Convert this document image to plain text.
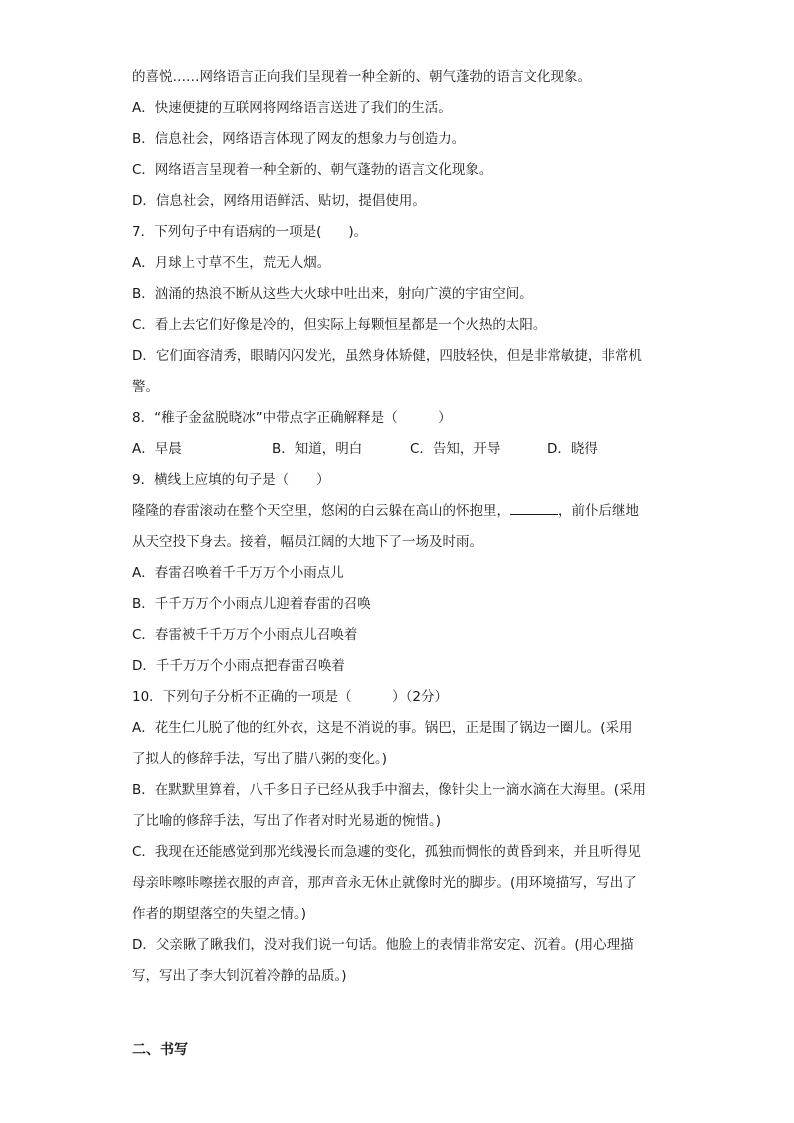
的喜悦……网络语言正向我们呈现着一种全新的、朝气蓬勃的语言文化现象。
A．快速便捷的互联网将网络语言送进了我们的生活。
B．信息社会，网络语言体现了网友的想象力与创造力。
C．网络语言呈现着一种全新的、朝气蓬勃的语言文化现象。
D．信息社会，网络用语鲜活、贴切，提倡使用。
7．下列句子中有语病的一项是(　　)。
A．月球上寸草不生，荒无人烟。
B．汹涌的热浪不断从这些大火球中吐出来，射向广漠的宇宙空间。
C．看上去它们好像是冷的，但实际上每颗恒星都是一个火热的太阳。
D．它们面容清秀，眼睛闪闪发光，虽然身体矫健，四肢轻快，但是非常敏捷，非常机
警。
8．“稚子金盆脱晓冰”中带点字正确解释是（　　　）
A．早晨	B．知道，明白	C．告知，开导	D．晓得
9．横线上应填的句子是（　　）
隆隆的春雷滚动在整个天空里，悠闲的白云躲在高山的怀抱里，	，前仆后继地
从天空投下身去。接着，幅员江阔的大地下了一场及时雨。
A．春雷召唤着千千万万个小雨点儿
B．千千万万个小雨点儿迎着春雷的召唤
C．春雷被千千万万个小雨点儿召唤着
D．千千万万个小雨点把春雷召唤着
10．下列句子分析不正确的一项是（　　　）（2分）
A．花生仁儿脱了他的红外衣，这是不消说的事。锅巴，正是围了锅边一圈儿。(采用
了拟人的修辞手法，写出了腊八粥的变化。)
B．在默默里算着，八千多日子已经从我手中溜去，像针尖上一滴水滴在大海里。(采用
了比喻的修辞手法，写出了作者对时光易逝的惋惜。)
C．我现在还能感觉到那光线漫长而急遽的变化，孤独而惆怅的黄昏到来，并且听得见
母亲咔嚓咔嚓搓衣服的声音，那声音永无休止就像时光的脚步。(用环境描写，写出了
作者的期望落空的失望之情。)
D．父亲瞅了瞅我们，没对我们说一句话。他脸上的表情非常安定、沉着。(用心理描
写，写出了李大钊沉着冷静的品质。)
二、书写
